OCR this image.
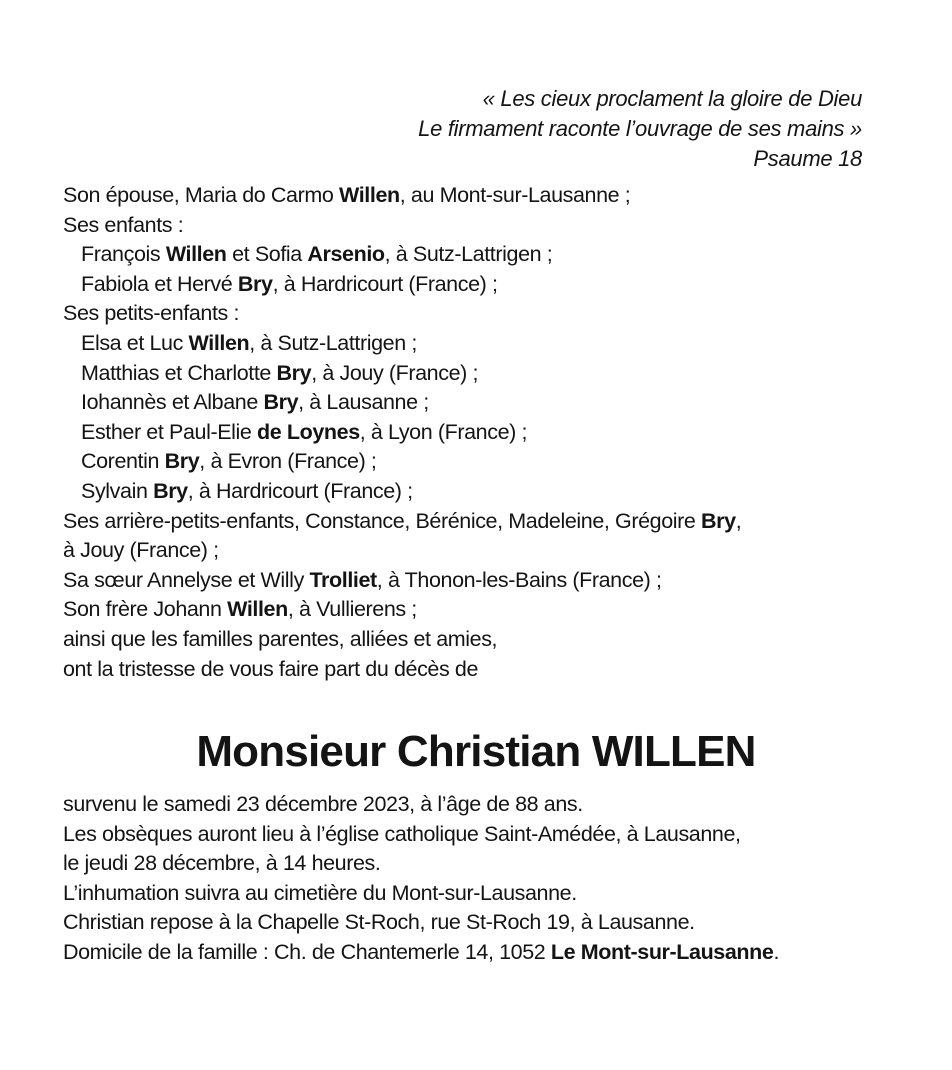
« Les cieux proclament la gloire de Dieu
Le firmament raconte l’ouvrage de ses mains »
Psaume 18
Son épouse, Maria do Carmo Willen, au Mont-sur-Lausanne ;
Ses enfants :
François Willen et Sofia Arsenio, à Sutz-Lattrigen ;
Fabiola et Hervé Bry, à Hardricourt (France) ;
Ses petits-enfants :
Elsa et Luc Willen, à Sutz-Lattrigen ;
Matthias et Charlotte Bry, à Jouy (France) ;
Iohannès et Albane Bry, à Lausanne ;
Esther et Paul-Elie de Loynes, à Lyon (France) ;
Corentin Bry, à Evron (France) ;
Sylvain Bry, à Hardricourt (France) ;
Ses arrière-petits-enfants, Constance, Bérénice, Madeleine, Grégoire Bry,
à Jouy (France) ;
Sa sœur Annelyse et Willy Trolliet, à Thonon-les-Bains (France) ;
Son frère Johann Willen, à Vullierens ;
ainsi que les familles parentes, alliées et amies,
ont la tristesse de vous faire part du décès de
Monsieur Christian WILLEN
survenu le samedi 23 décembre 2023, à l’âge de 88 ans.
Les obsèques auront lieu à l’église catholique Saint-Amédée, à Lausanne,
le jeudi 28 décembre, à 14 heures.
L’inhumation suivra au cimetière du Mont-sur-Lausanne.
Christian repose à la Chapelle St-Roch, rue St-Roch 19, à Lausanne.
Domicile de la famille : Ch. de Chantemerle 14, 1052 Le Mont-sur-Lausanne.
